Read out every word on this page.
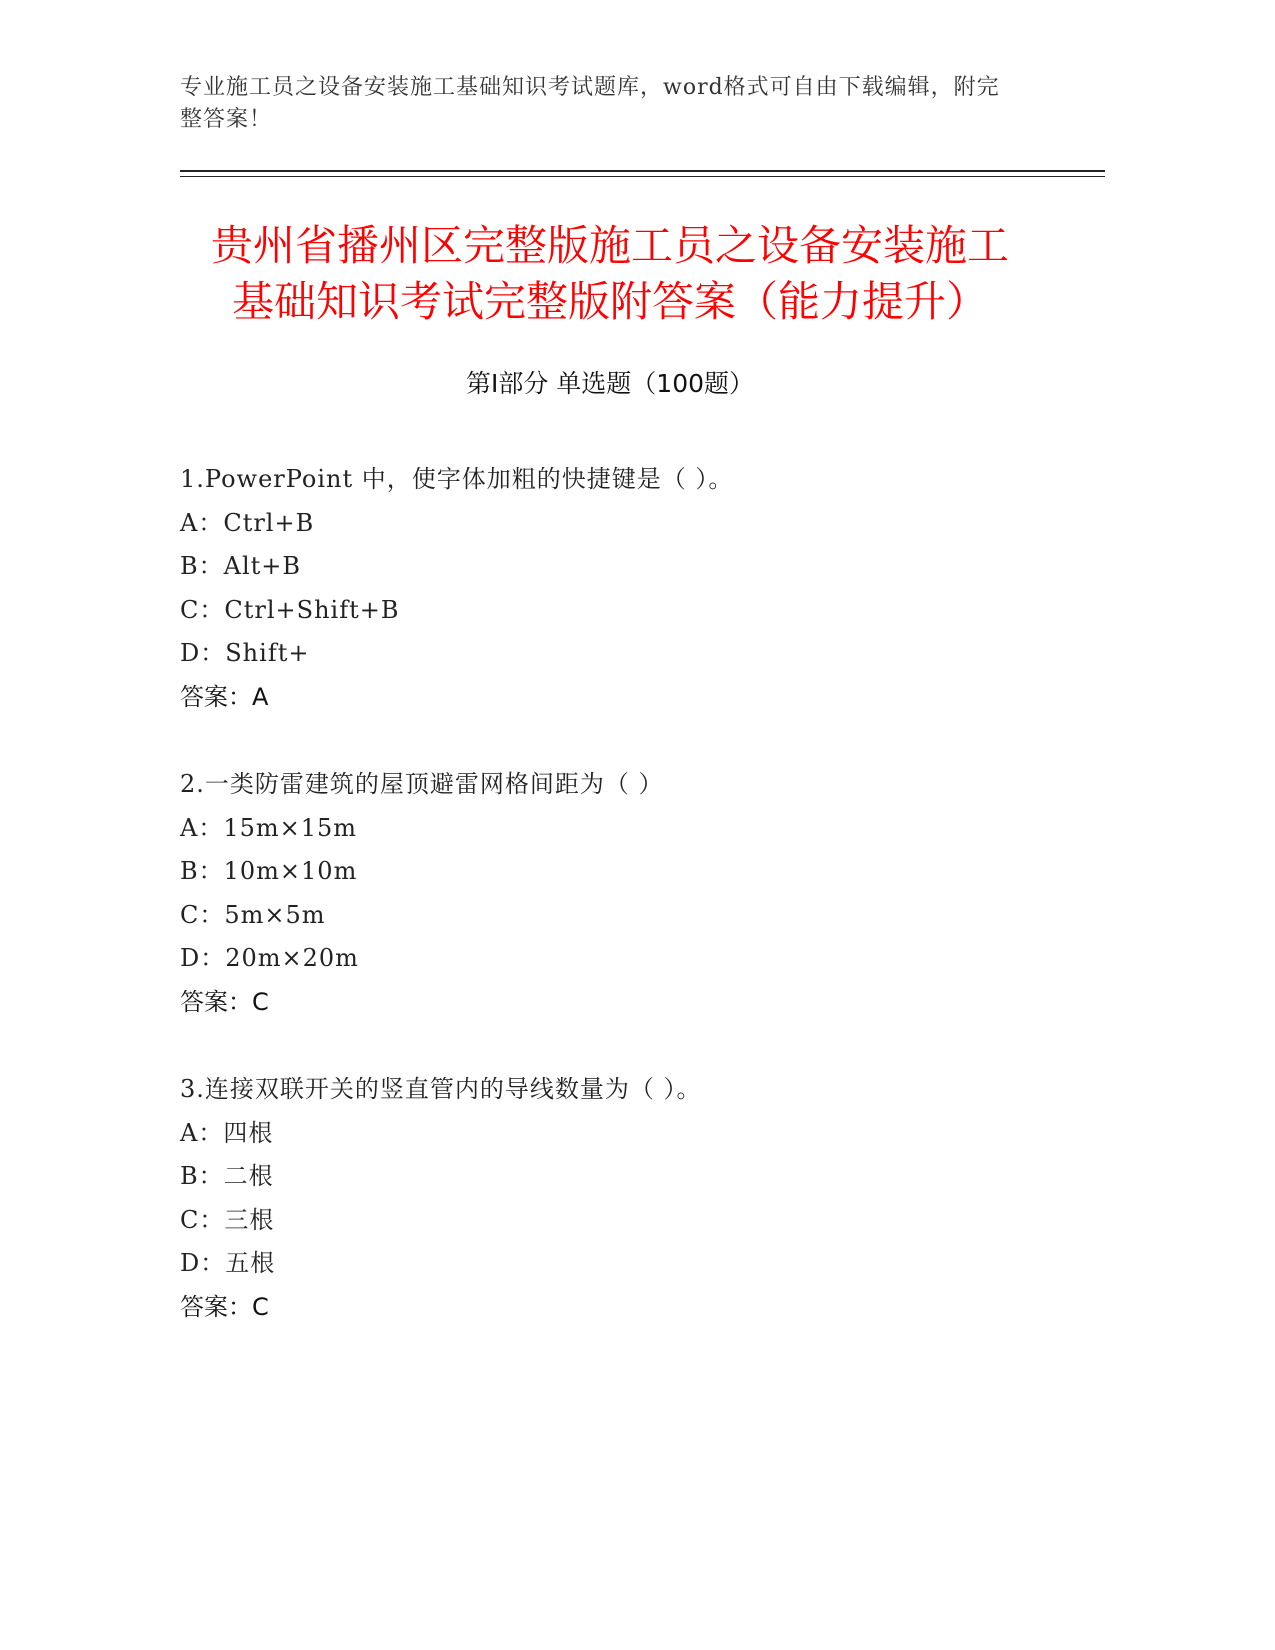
专业施工员之设备安装施工基础知识考试题库，word格式可自由下载编辑，附完
整答案！
贵州省播州区完整版施工员之设备安装施工
基础知识考试完整版附答案（能力提升）
第Ⅰ部分 单选题（100题）
1.PowerPoint 中，使字体加粗的快捷键是（ ）。
A：Ctrl+B
B：Alt+B
C：Ctrl+Shift+B
D：Shift+
答案：A
2.一类防雷建筑的屋顶避雷网格间距为（ ）
A：15m×15m
B：10m×10m
C：5m×5m
D：20m×20m
答案：C
3.连接双联开关的竖直管内的导线数量为（ ）。
A：四根
B：二根
C：三根
D：五根
答案：C
